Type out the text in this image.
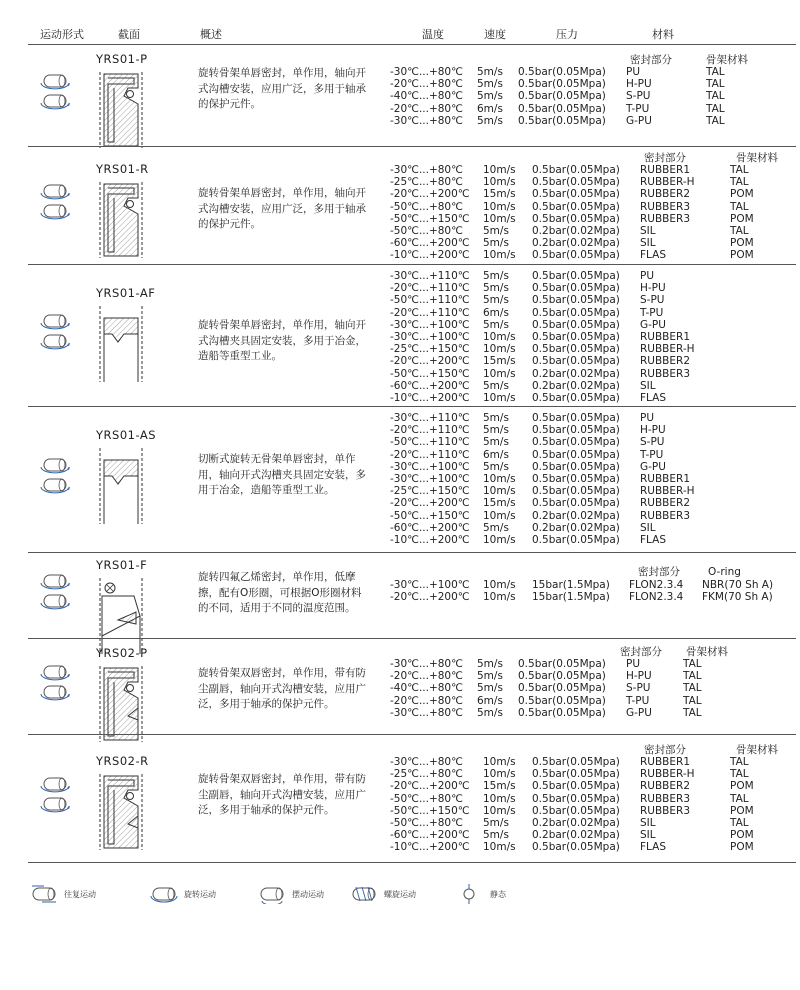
运动形式	截面	概述	温度	速度	压力	材料
YRS01-P
旋转骨架单唇密封，单作用，轴向开式沟槽安装，应用广泛，多用于轴承的保护元件。
密封部分	骨架材料
-30℃...+80℃ 5m/s 0.5bar(0.05Mpa) PU	TAL
-20℃...+80℃ 5m/s 0.5bar(0.05Mpa) H-PU	TAL
-40℃...+80℃ 5m/s 0.5bar(0.05Mpa) S-PU	TAL
-20℃...+80℃ 6m/s 0.5bar(0.05Mpa) T-PU	TAL
-30℃...+80℃ 5m/s 0.5bar(0.05Mpa) G-PU	TAL
YRS01-R
旋转骨架单唇密封，单作用，轴向开式沟槽安装，应用广泛，多用于轴承的保护元件。
密封部分	骨架材料
-30℃...+80℃ 10m/s 0.5bar(0.05Mpa) RUBBER1	TAL
-25℃...+80℃ 10m/s 0.5bar(0.05Mpa) RUBBER-H	TAL
-20℃...+200℃ 15m/s 0.5bar(0.05Mpa) RUBBER2	POM
-50℃...+80℃ 10m/s 0.5bar(0.05Mpa) RUBBER3	TAL
-50℃...+150℃ 10m/s 0.5bar(0.05Mpa) RUBBER3	POM
-50℃...+80℃ 5m/s 0.2bar(0.02Mpa) SIL	TAL
-60℃...+200℃ 5m/s 0.2bar(0.02Mpa) SIL	POM
-10℃...+200℃ 10m/s 0.5bar(0.05Mpa) FLAS	POM
YRS01-AF
旋转骨架单唇密封，单作用，轴向开式沟槽夹具固定安装，多用于冶金，造船等重型工业。
-30℃...+110℃ 5m/s 0.5bar(0.05Mpa) PU
-20℃...+110℃ 5m/s 0.5bar(0.05Mpa) H-PU
-50℃...+110℃ 5m/s 0.5bar(0.05Mpa) S-PU
-20℃...+110℃ 6m/s 0.5bar(0.05Mpa) T-PU
-30℃...+100℃ 5m/s 0.5bar(0.05Mpa) G-PU
-30℃...+100℃ 10m/s 0.5bar(0.05Mpa) RUBBER1
-25℃...+150℃ 10m/s 0.5bar(0.05Mpa) RUBBER-H
-20℃...+200℃ 15m/s 0.5bar(0.05Mpa) RUBBER2
-50℃...+150℃ 10m/s 0.2bar(0.02Mpa) RUBBER3
-60℃...+200℃ 5m/s 0.2bar(0.02Mpa) SIL
-10℃...+200℃ 10m/s 0.5bar(0.05Mpa) FLAS
YRS01-AS
切断式旋转无骨架单唇密封，单作用，轴向开式沟槽夹具固定安装，多用于冶金，造船等重型工业。
-30℃...+110℃ 5m/s 0.5bar(0.05Mpa) PU
-20℃...+110℃ 5m/s 0.5bar(0.05Mpa) H-PU
-50℃...+110℃ 5m/s 0.5bar(0.05Mpa) S-PU
-20℃...+110℃ 6m/s 0.5bar(0.05Mpa) T-PU
-30℃...+100℃ 5m/s 0.5bar(0.05Mpa) G-PU
-30℃...+100℃ 10m/s 0.5bar(0.05Mpa) RUBBER1
-25℃...+150℃ 10m/s 0.5bar(0.05Mpa) RUBBER-H
-20℃...+200℃ 15m/s 0.5bar(0.05Mpa) RUBBER2
-50℃...+150℃ 10m/s 0.2bar(0.02Mpa) RUBBER3
-60℃...+200℃ 5m/s 0.2bar(0.02Mpa) SIL
-10℃...+200℃ 10m/s 0.5bar(0.05Mpa) FLAS
YRS01-F
旋转四氟乙烯密封，单作用，低摩擦，配有O形圈，可根据O形圈材料的不同，适用于不同的温度范围。
密封部分	O-ring
-30℃...+100℃ 10m/s 15bar(1.5Mpa) FLON2.3.4 NBR(70 Sh A)
-20℃...+200℃ 10m/s 15bar(1.5Mpa) FLON2.3.4 FKM(70 Sh A)
YRS02-P
旋转骨架双唇密封，单作用，带有防尘副唇，轴向开式沟槽安装，应用广泛，多用于轴承的保护元件。
密封部分 骨架材料
-30℃...+80℃ 5m/s 0.5bar(0.05Mpa) PU	TAL
-20℃...+80℃ 5m/s 0.5bar(0.05Mpa) H-PU	TAL
-40℃...+80℃ 5m/s 0.5bar(0.05Mpa) S-PU	TAL
-20℃...+80℃ 6m/s 0.5bar(0.05Mpa) T-PU	TAL
-30℃...+80℃ 5m/s 0.5bar(0.05Mpa) G-PU	TAL
YRS02-R
旋转骨架双唇密封，单作用，带有防尘副唇，轴向开式沟槽安装，应用广泛，多用于轴承的保护元件。
密封部分	骨架材料
-30℃...+80℃ 10m/s 0.5bar(0.05Mpa) RUBBER1	TAL
-25℃...+80℃ 10m/s 0.5bar(0.05Mpa) RUBBER-H	TAL
-20℃...+200℃ 15m/s 0.5bar(0.05Mpa) RUBBER2	POM
-50℃...+80℃ 10m/s 0.5bar(0.05Mpa) RUBBER3	TAL
-50℃...+150℃ 10m/s 0.5bar(0.05Mpa) RUBBER3	POM
-50℃...+80℃ 5m/s 0.2bar(0.02Mpa) SIL	TAL
-60℃...+200℃ 5m/s 0.2bar(0.02Mpa) SIL	POM
-10℃...+200℃ 10m/s 0.5bar(0.05Mpa) FLAS	POM
往复运动	旋转运动	摆动运动	螺旋运动	静态
